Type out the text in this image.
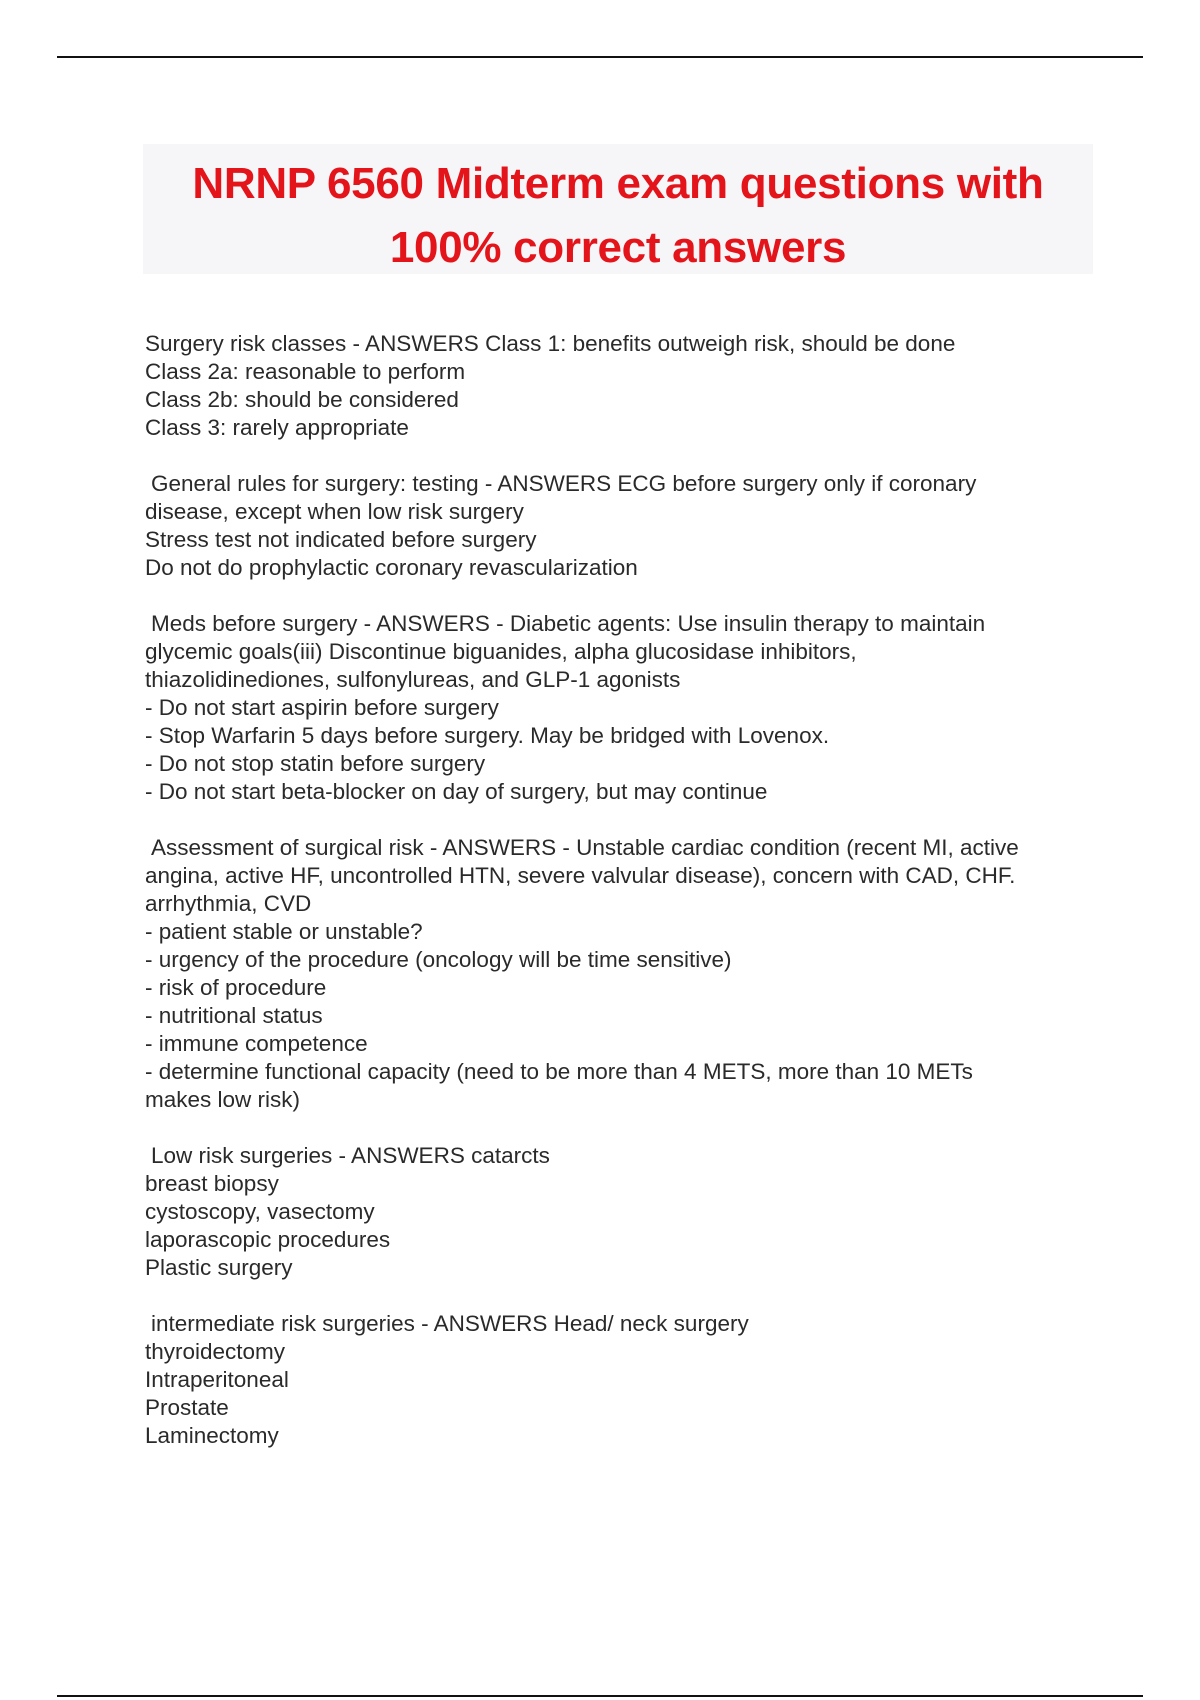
NRNP 6560 Midterm exam questions with
100% correct answers
Surgery risk classes - ANSWERS Class 1: benefits outweigh risk, should be done
Class 2a: reasonable to perform
Class 2b: should be considered
Class 3: rarely appropriate
General rules for surgery: testing - ANSWERS ECG before surgery only if coronary
disease, except when low risk surgery
Stress test not indicated before surgery
Do not do prophylactic coronary revascularization
Meds before surgery - ANSWERS - Diabetic agents: Use insulin therapy to maintain
glycemic goals(iii) Discontinue biguanides, alpha glucosidase inhibitors,
thiazolidinediones, sulfonylureas, and GLP-1 agonists
- Do not start aspirin before surgery
- Stop Warfarin 5 days before surgery. May be bridged with Lovenox.
- Do not stop statin before surgery
- Do not start beta-blocker on day of surgery, but may continue
Assessment of surgical risk - ANSWERS - Unstable cardiac condition (recent MI, active
angina, active HF, uncontrolled HTN, severe valvular disease), concern with CAD, CHF.
arrhythmia, CVD
- patient stable or unstable?
- urgency of the procedure (oncology will be time sensitive)
- risk of procedure
- nutritional status
- immune competence
- determine functional capacity (need to be more than 4 METS, more than 10 METs
makes low risk)
Low risk surgeries - ANSWERS catarcts
breast biopsy
cystoscopy, vasectomy
laporascopic procedures
Plastic surgery
intermediate risk surgeries - ANSWERS Head/ neck surgery
thyroidectomy
Intraperitoneal
Prostate
Laminectomy
